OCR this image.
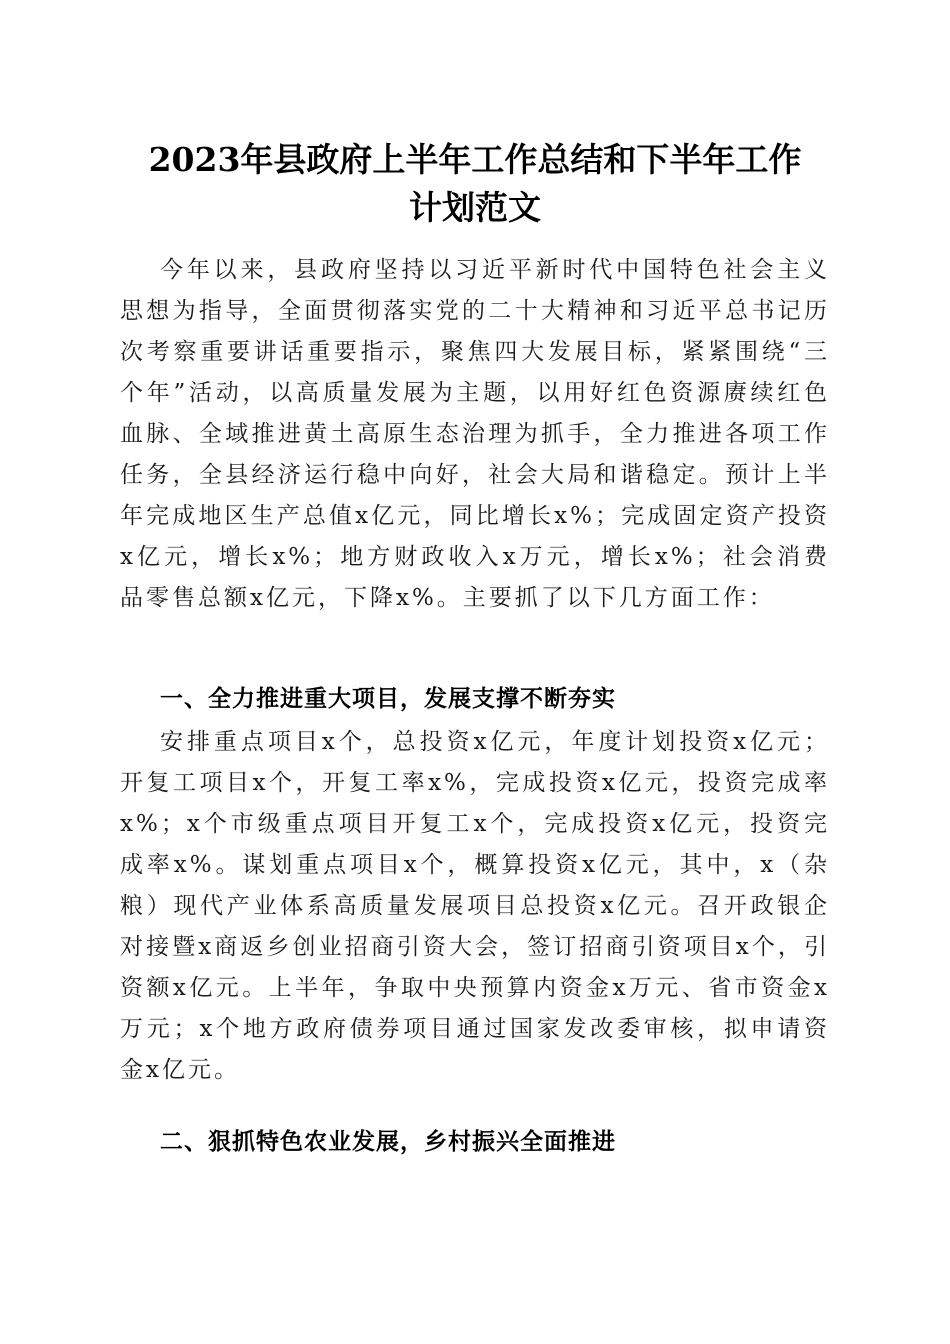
2023年县政府上半年工作总结和下半年工作
计划范文

今年以来，县政府坚持以习近平新时代中国特色社会主义思想为指导，全面贯彻落实党的二十大精神和习近平总书记历次考察重要讲话重要指示，聚焦四大发展目标，紧紧围绕“三个年”活动，以高质量发展为主题，以用好红色资源赓续红色血脉、全域推进黄土高原生态治理为抓手，全力推进各项工作任务，全县经济运行稳中向好，社会大局和谐稳定。预计上半年完成地区生产总值x亿元，同比增长x%；完成固定资产投资x亿元，增长x%；地方财政收入x万元，增长x%；社会消费品零售总额x亿元，下降x%。主要抓了以下几方面工作：

一、全力推进重大项目，发展支撑不断夯实

安排重点项目x个，总投资x亿元，年度计划投资x亿元；开复工项目x个，开复工率x%，完成投资x亿元，投资完成率x%；x个市级重点项目开复工x个，完成投资x亿元，投资完成率x%。谋划重点项目x个，概算投资x亿元，其中，x（杂粮）现代产业体系高质量发展项目总投资x亿元。召开政银企对接暨x商返乡创业招商引资大会，签订招商引资项目x个，引资额x亿元。上半年，争取中央预算内资金x万元、省市资金x万元；x个地方政府债券项目通过国家发改委审核，拟申请资金x亿元。

二、狠抓特色农业发展，乡村振兴全面推进
